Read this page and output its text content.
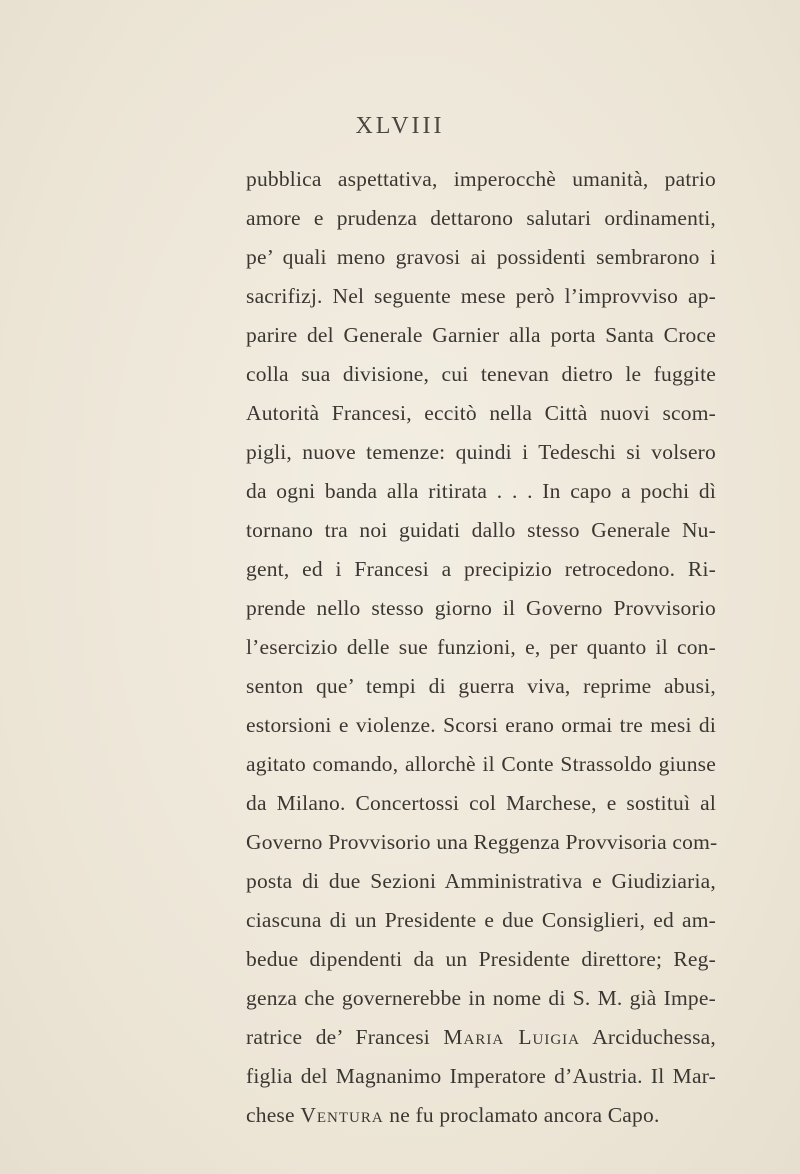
XLVIII
pubblica aspettativa, imperocchè umanità, patrio
amore e prudenza dettarono salutari ordinamenti,
pe’ quali meno gravosi ai possidenti sembrarono i
sacrifizj. Nel seguente mese però l’improvviso ap-
parire del Generale Garnier alla porta Santa Croce
colla sua divisione, cui tenevan dietro le fuggite
Autorità Francesi, eccitò nella Città nuovi scom-
pigli, nuove temenze: quindi i Tedeschi si volsero
da ogni banda alla ritirata . . . In capo a pochi dì
tornano tra noi guidati dallo stesso Generale Nu-
gent, ed i Francesi a precipizio retrocedono. Ri-
prende nello stesso giorno il Governo Provvisorio
l’esercizio delle sue funzioni, e, per quanto il con-
senton que’ tempi di guerra viva, reprime abusi,
estorsioni e violenze. Scorsi erano ormai tre mesi di
agitato comando, allorchè il Conte Strassoldo giunse
da Milano. Concertossi col Marchese, e sostituì al
Governo Provvisorio una Reggenza Provvisoria com-
posta di due Sezioni Amministrativa e Giudiziaria,
ciascuna di un Presidente e due Consiglieri, ed am-
bedue dipendenti da un Presidente direttore; Reg-
genza che governerebbe in nome di S. M. già Impe-
ratrice de’ Francesi Maria Luigia Arciduchessa,
figlia del Magnanimo Imperatore d’Austria. Il Mar-
chese Ventura ne fu proclamato ancora Capo.
